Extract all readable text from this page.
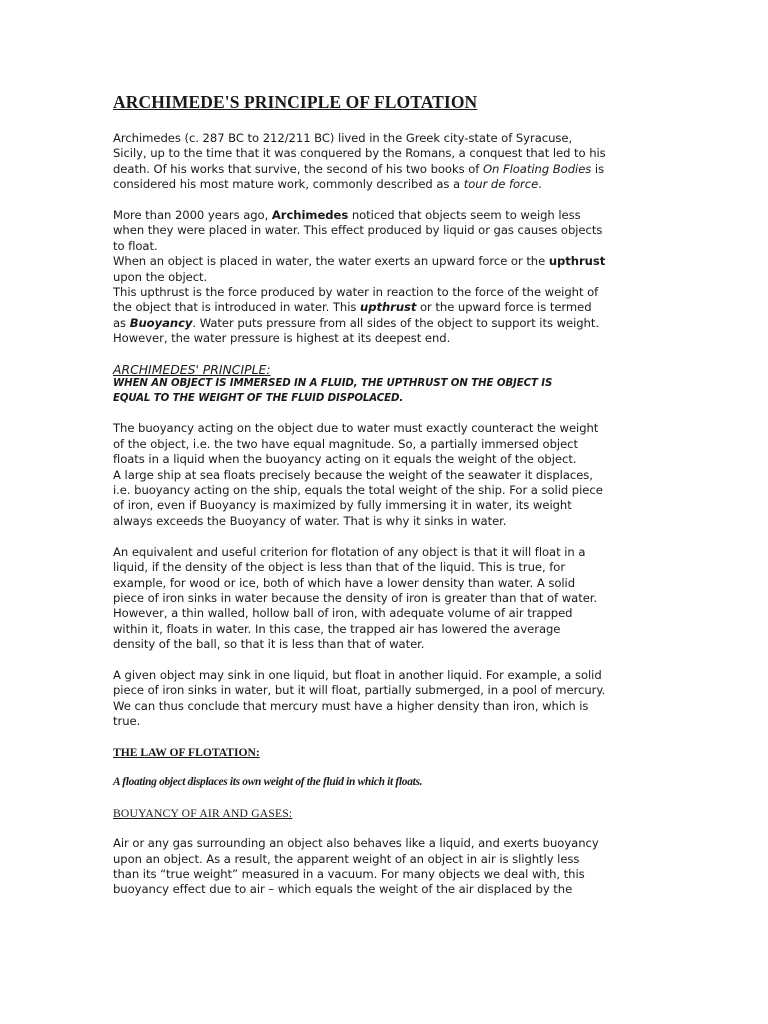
ARCHIMEDE'S PRINCIPLE OF FLOTATION

Archimedes (c. 287 BC to 212/211 BC) lived in the Greek city-state of Syracuse,

Sicily, up to the time that it was conquered by the Romans, a conquest that led to his

death. Of his works that survive, the second of his two books of On Floating Bodies is

considered his most mature work, commonly described as a tour de force.

More than 2000 years ago, Archimedes noticed that objects seem to weigh less

when they were placed in water. This effect produced by liquid or gas causes objects

to float.

When an object is placed in water, the water exerts an upward force or the upthrust

upon the object.

This upthrust is the force produced by water in reaction to the force of the weight of

the object that is introduced in water. This upthrust or the upward force is termed

as Buoyancy. Water puts pressure from all sides of the object to support its weight.

However, the water pressure is highest at its deepest end.

ARCHIMEDES' PRINCIPLE:

WHEN AN OBJECT IS IMMERSED IN A FLUID, THE UPTHRUST ON THE OBJECT IS

EQUAL TO THE WEIGHT OF THE FLUID DISPOLACED.

The buoyancy acting on the object due to water must exactly counteract the weight

of the object, i.e. the two have equal magnitude. So, a partially immersed object

floats in a liquid when the buoyancy acting on it equals the weight of the object.

A large ship at sea floats precisely because the weight of the seawater it displaces,

i.e. buoyancy acting on the ship, equals the total weight of the ship. For a solid piece

of iron, even if Buoyancy is maximized by fully immersing it in water, its weight

always exceeds the Buoyancy of water. That is why it sinks in water.

An equivalent and useful criterion for flotation of any object is that it will float in a

liquid, if the density of the object is less than that of the liquid. This is true, for

example, for wood or ice, both of which have a lower density than water. A solid

piece of iron sinks in water because the density of iron is greater than that of water.

However, a thin walled, hollow ball of iron, with adequate volume of air trapped

within it, floats in water. In this case, the trapped air has lowered the average

density of the ball, so that it is less than that of water.

A given object may sink in one liquid, but float in another liquid. For example, a solid

piece of iron sinks in water, but it will float, partially submerged, in a pool of mercury.

We can thus conclude that mercury must have a higher density than iron, which is

true.

THE LAW OF FLOTATION:

A floating object displaces its own weight of the fluid in which it floats.

BOUYANCY OF AIR AND GASES:

Air or any gas surrounding an object also behaves like a liquid, and exerts buoyancy

upon an object. As a result, the apparent weight of an object in air is slightly less

than its “true weight” measured in a vacuum. For many objects we deal with, this

buoyancy effect due to air – which equals the weight of the air displaced by the
